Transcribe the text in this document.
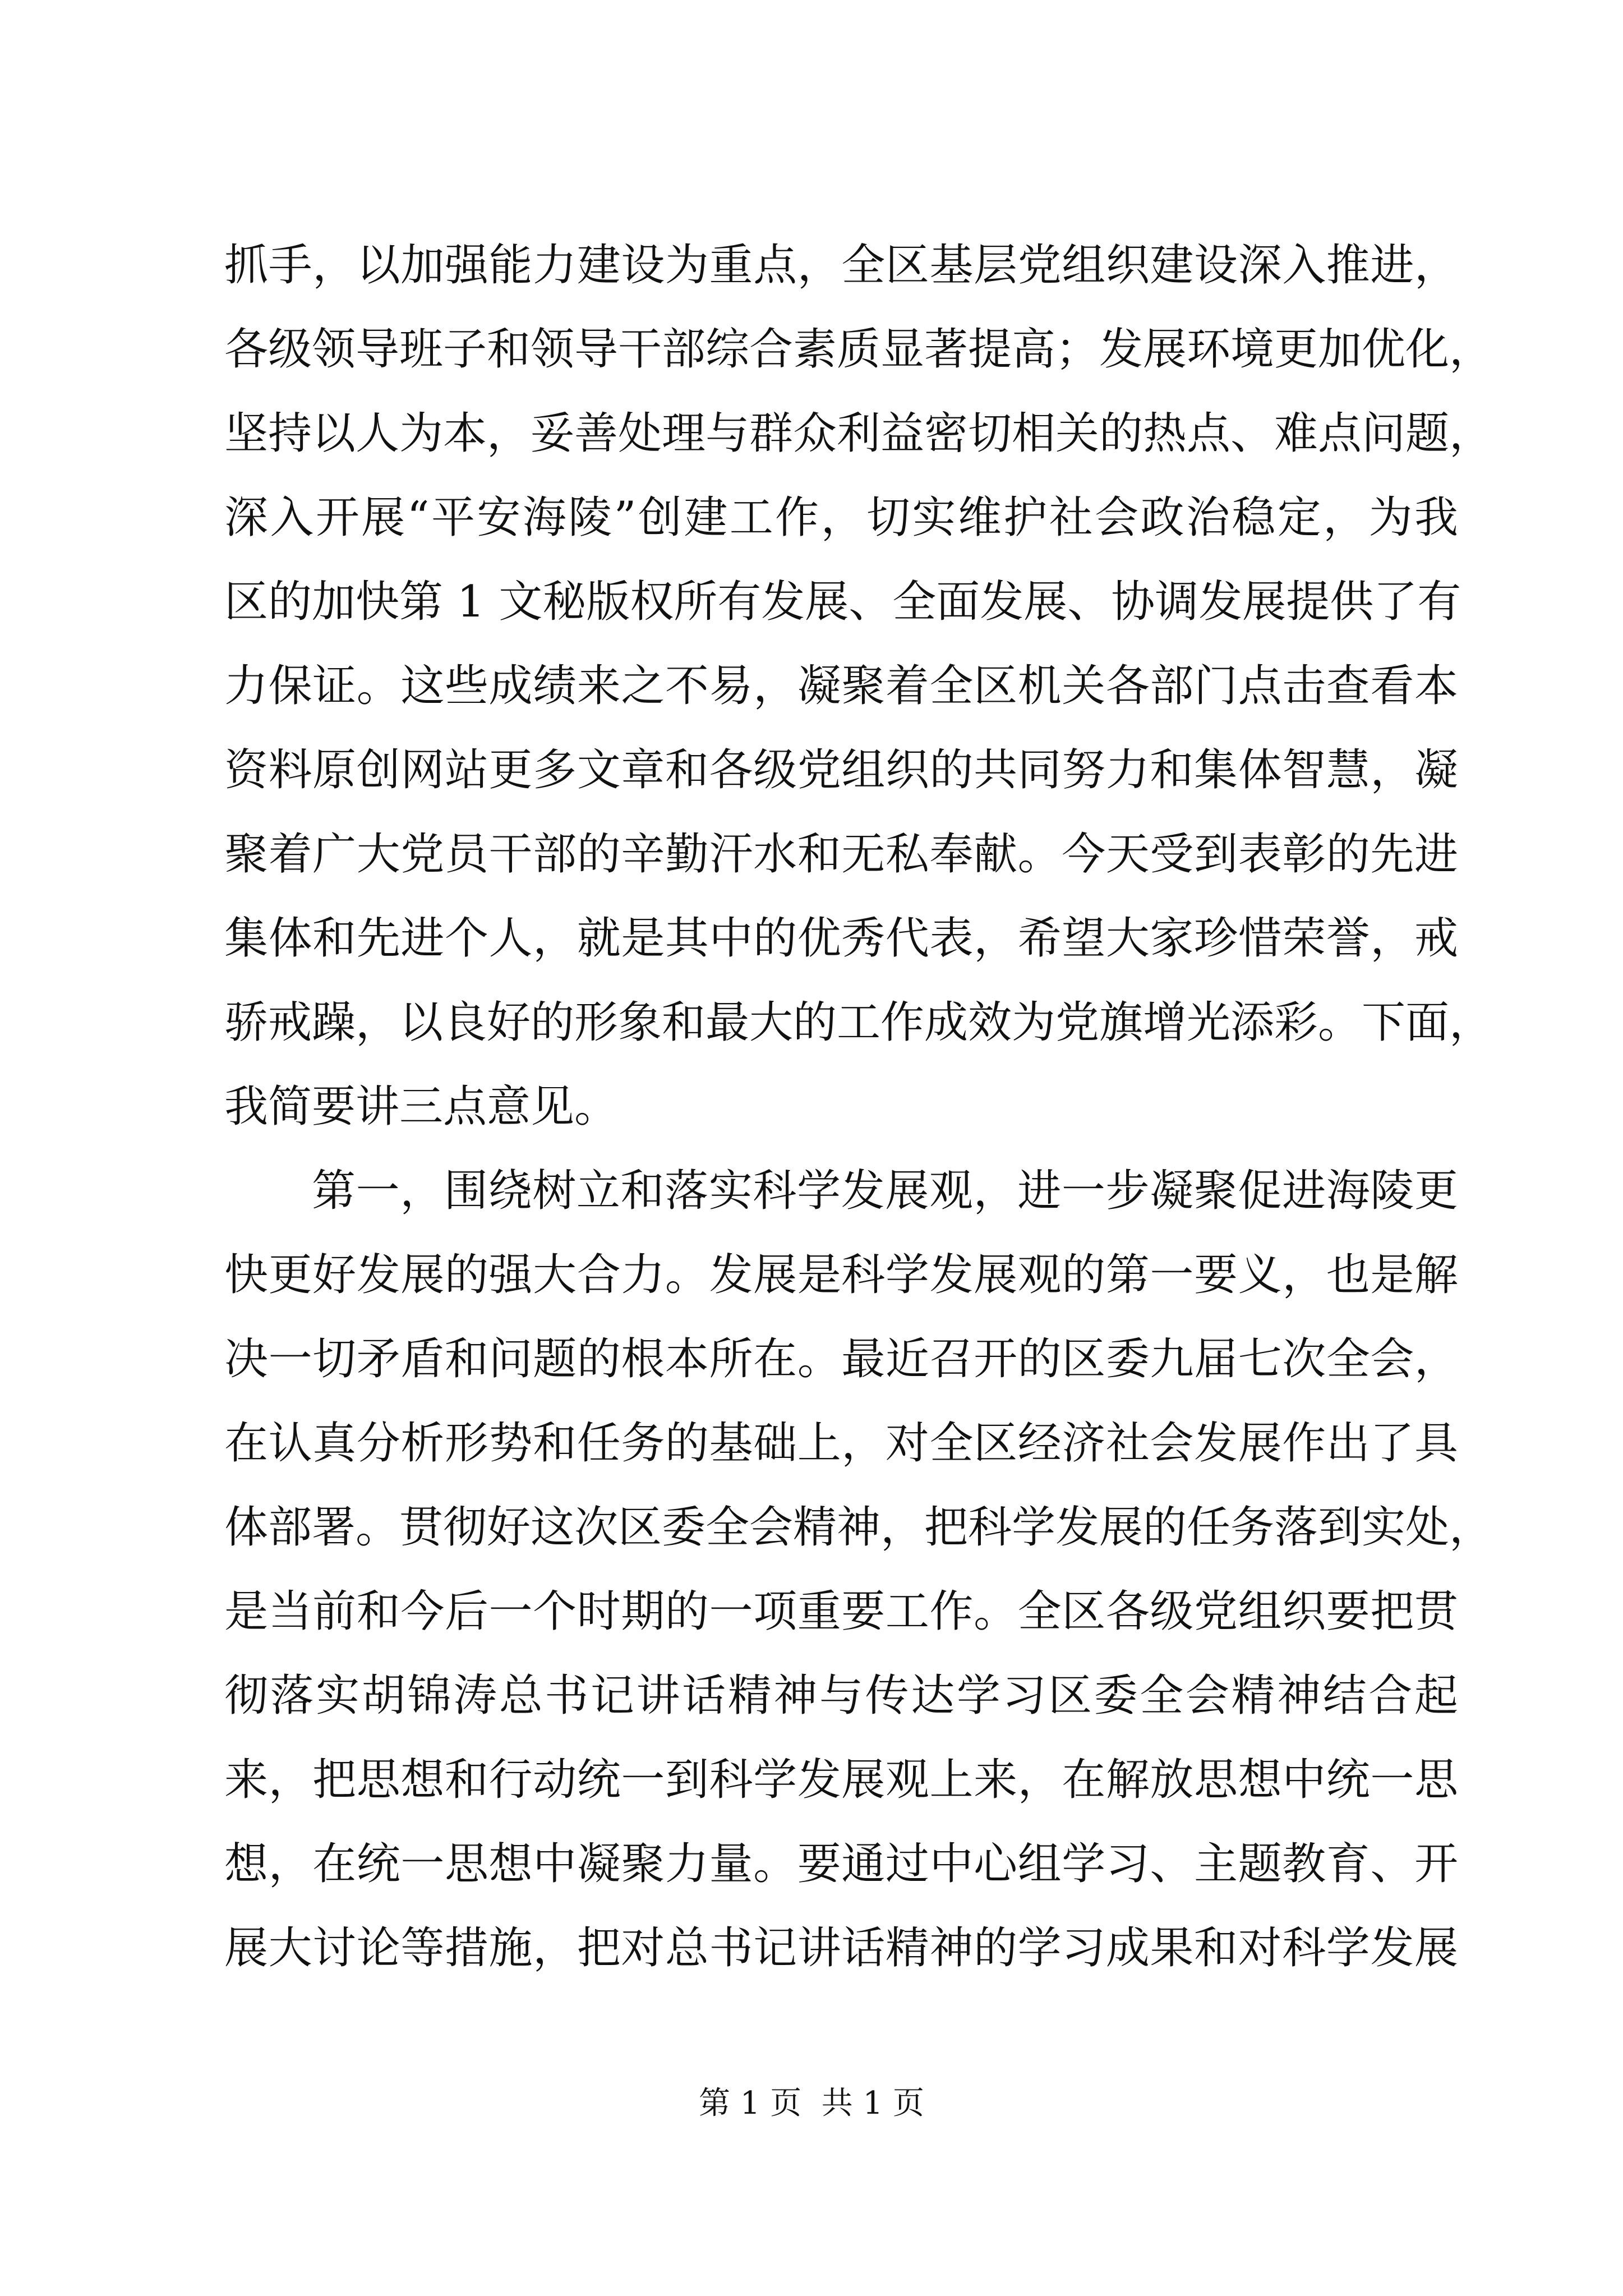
抓手，以加强能力建设为重点，全区基层党组织建设深入推进，
各级领导班子和领导干部综合素质显著提高；发展环境更加优化，
坚持以人为本，妥善处理与群众利益密切相关的热点、难点问题，
深入开展“平安海陵”创建工作，切实维护社会政治稳定，为我
区的加快第 1 文秘版权所有发展、全面发展、协调发展提供了有
力保证。这些成绩来之不易，凝聚着全区机关各部门点击查看本
资料原创网站更多文章和各级党组织的共同努力和集体智慧，凝
聚着广大党员干部的辛勤汗水和无私奉献。今天受到表彰的先进
集体和先进个人，就是其中的优秀代表，希望大家珍惜荣誉，戒
骄戒躁，以良好的形象和最大的工作成效为党旗增光添彩。下面，
我简要讲三点意见。
第一，围绕树立和落实科学发展观，进一步凝聚促进海陵更
快更好发展的强大合力。发展是科学发展观的第一要义，也是解
决一切矛盾和问题的根本所在。最近召开的区委九届七次全会，
在认真分析形势和任务的基础上，对全区经济社会发展作出了具
体部署。贯彻好这次区委全会精神，把科学发展的任务落到实处，
是当前和今后一个时期的一项重要工作。全区各级党组织要把贯
彻落实胡锦涛总书记讲话精神与传达学习区委全会精神结合起
来，把思想和行动统一到科学发展观上来，在解放思想中统一思
想，在统一思想中凝聚力量。要通过中心组学习、主题教育、开
展大讨论等措施，把对总书记讲话精神的学习成果和对科学发展
第 1 页  共 1 页
